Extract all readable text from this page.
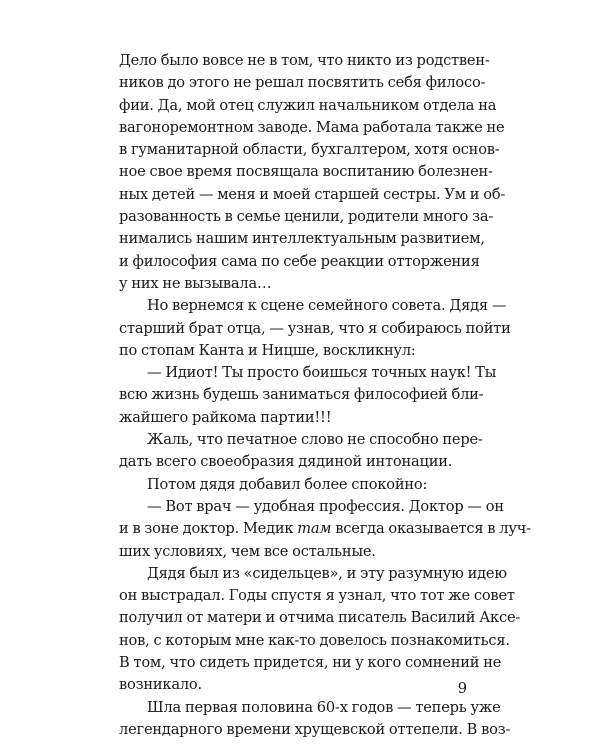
Дело было вовсе не в том, что никто из родствен-
ников до этого не решал посвятить себя филосо-
фии. Да, мой отец служил начальником отдела на
вагоноремонтном заводе. Мама работала также не
в гуманитарной области, бухгалтером, хотя основ-
ное свое время посвящала воспитанию болезнен-
ных детей — меня и моей старшей сестры. Ум и об-
разованность в семье ценили, родители много за-
нимались нашим интеллектуальным развитием,
и философия сама по себе реакции отторжения
у них не вызывала…
Но вернемся к сцене семейного совета. Дядя —
старший брат отца, — узнав, что я собираюсь пойти
по стопам Канта и Ницше, воскликнул:
— Идиот! Ты просто боишься точных наук! Ты
всю жизнь будешь заниматься философией бли-
жайшего райкома партии!!!
Жаль, что печатное слово не способно пере-
дать всего своеобразия дядиной интонации.
Потом дядя добавил более спокойно:
— Вот врач — удобная профессия. Доктор — он
и в зоне доктор. Медик там всегда оказывается в луч-
ших условиях, чем все остальные.
Дядя был из «сидельцев», и эту разумную идею
он выстрадал. Годы спустя я узнал, что тот же совет
получил от матери и отчима писатель Василий Аксе-
нов, с которым мне как-то довелось познакомиться.
В том, что сидеть придется, ни у кого сомнений не
возникало.
Шла первая половина 60-х годов — теперь уже
легендарного времени хрущевской оттепели. В воз-
9
